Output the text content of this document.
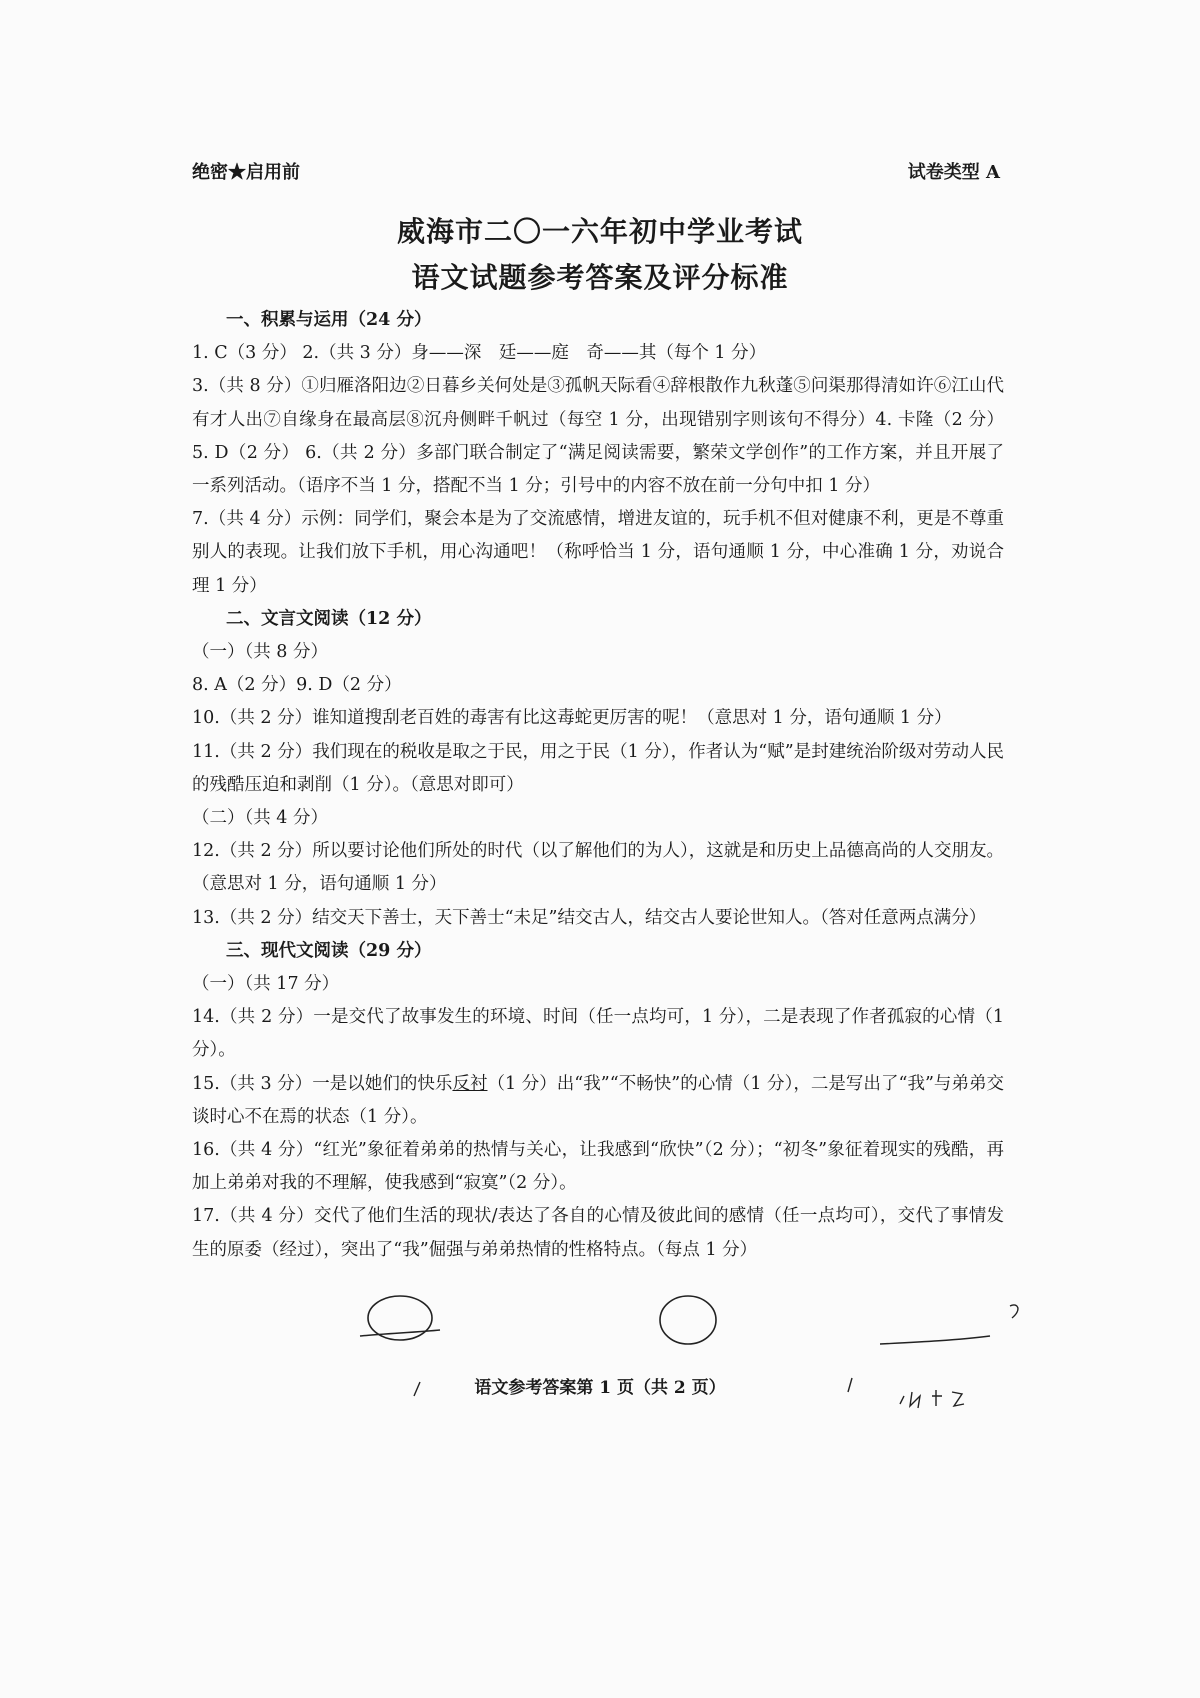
绝密★启用前	试卷类型 A
威海市二〇一六年初中学业考试
语文试题参考答案及评分标准

一、积累与运用（24 分）

1. C（3 分） 2.（共 3 分）身——深　廷——庭　奇——其（每个 1 分）

3.（共 8 分）①归雁洛阳边②日暮乡关何处是③孤帆天际看④辞根散作九秋蓬⑤问渠那得清如许⑥江山代有才人出⑦自缘身在最高层⑧沉舟侧畔千帆过（每空 1 分，出现错别字则该句不得分）4. 卡隆（2 分） 5. D（2 分） 6.（共 2 分）多部门联合制定了“满足阅读需要，繁荣文学创作”的工作方案，并且开展了一系列活动。（语序不当 1 分，搭配不当 1 分；引号中的内容不放在前一分句中扣 1 分）

7.（共 4 分）示例：同学们，聚会本是为了交流感情，增进友谊的，玩手机不但对健康不利，更是不尊重别人的表现。让我们放下手机，用心沟通吧！（称呼恰当 1 分，语句通顺 1 分，中心准确 1 分，劝说合理 1 分）

二、文言文阅读（12 分）

（一）（共 8 分）

8. A（2 分）9. D（2 分）

10.（共 2 分）谁知道搜刮老百姓的毒害有比这毒蛇更厉害的呢！（意思对 1 分，语句通顺 1 分）

11.（共 2 分）我们现在的税收是取之于民，用之于民（1 分），作者认为“赋”是封建统治阶级对劳动人民的残酷压迫和剥削（1 分）。（意思对即可）

（二）（共 4 分）

12.（共 2 分）所以要讨论他们所处的时代（以了解他们的为人），这就是和历史上品德高尚的人交朋友。（意思对 1 分，语句通顺 1 分）

13.（共 2 分）结交天下善士，天下善士“未足”结交古人，结交古人要论世知人。（答对任意两点满分）

三、现代文阅读（29 分）

（一）（共 17 分）

14.（共 2 分）一是交代了故事发生的环境、时间（任一点均可，1 分），二是表现了作者孤寂的心情（1 分）。

15.（共 3 分）一是以她们的快乐反衬（1 分）出“我”“不畅快”的心情（1 分），二是写出了“我”与弟弟交谈时心不在焉的状态（1 分）。

16.（共 4 分）“红光”象征着弟弟的热情与关心，让我感到“欣快”（2 分）；“初冬”象征着现实的残酷，再加上弟弟对我的不理解，使我感到“寂寞”（2 分）。

17.（共 4 分）交代了他们生活的现状/表达了各自的心情及彼此间的感情（任一点均可），交代了事情发生的原委（经过），突出了“我”倔强与弟弟热情的性格特点。（每点 1 分）

语文参考答案第 1 页（共 2 页）
